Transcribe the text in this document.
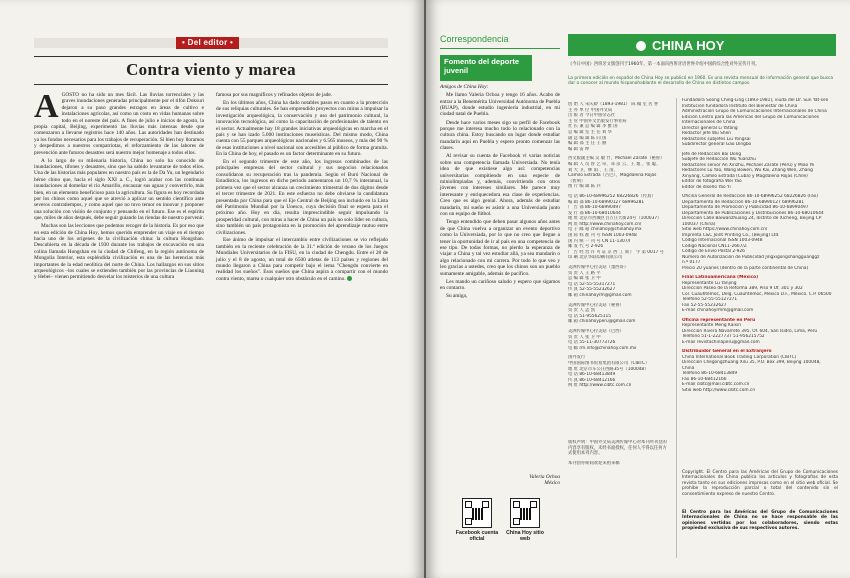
• Del editor •
Contra viento y marea

AGOSTO no ha sido un mes fácil. Las lluvias torrenciales y las graves inundaciones generadas principalmente por el tifón Doksuri dejaron a su paso grandes estragos en áreas de cultivo e instalaciones agrícolas, así como un costo en vidas humanas sobre todo en el noreste del país. A fines de julio e inicios de agosto, la propia capital, Beijing, experimentó las lluvias más intensas desde que comenzaron a llevarse registros hace 140 años. Las autoridades han destinado ya los fondos necesarios para los trabajos de recuperación. Si bien hoy lloramos y despedimos a nuestros compatriotas, el reforzamiento de las labores de prevención ante futuros desastres será nuestro mejor homenaje a todos ellos.

A lo largo de su milenaria historia, China no solo ha conocido de inundaciones, tifones y desastres, sino que ha sabido levantarse de todos ellos. Una de las historias más populares en nuestro país es la de Da Yu, un legendario héroe chino que, hacia el siglo XXI a. C., logró acabar con las continuas inundaciones al domeñar el río Amarillo, encauzar sus aguas y convertirlo, más bien, en un elemento beneficioso para la agricultura. Su figura es hoy recordada por los chinos como aquel que se atrevió a aplicar un sentido científico ante severos contratiempos, y como aquel que no tuvo temor en innovar y proponer una solución con visión de conjunto y pensando en el futuro. Ese es el espíritu que, miles de años después, debe seguir guiando las riendas de nuestro porvenir.

Muchas son las lecciones que podemos recoger de la historia. Es por eso que en esta edición de China Hoy, hemos querido emprender un viaje en el tiempo hacia uno de los orígenes de la civilización china: la cultura Hongshan. Descubierta en la década de 1930 durante los trabajos de excavación en una colina llamada Hongshan en la ciudad de Chifeng, en la región autónoma de Mongolia Interior, esta espléndida civilización es una de las herencias más importantes de la edad neolítica del norte de China. Los hallazgos en sus sitios arqueológicos –los cuales se extienden también por las provincias de Liaoning y Hebei– vienen permitiendo desvelar los misterios de una cultura

famosa por sus magníficos y refinados objetos de jade.

En los últimos años, China ha dado notables pasos en cuanto a la protección de sus reliquias culturales. Se han emprendido proyectos con miras a impulsar la investigación arqueológica, la conservación y uso del patrimonio cultural, la innovación tecnológica, así como la capacitación de profesionales de talento en el sector. Actualmente hay 18 grandes iniciativas arqueológicas en marcha en el país y se han izado 5.000 instituciones museísticas. Del mismo modo, China cuenta con 55 parques arqueológicos nacionales y 6.565 museos, y más del 90 % de esas instituciones a nivel nacional son accesibles al público de forma gratuita. En la China de hoy, el pasado es un factor determinante en su futuro.

En el segundo trimestre de este año, los ingresos combinados de las principales empresas del sector cultural y sus negocios relacionados consolidaron su recuperación tras la pandemia. Según el Buró Nacional de Estadística, los ingresos en dicho periodo aumentaron un 10,7 % interanual, la primera vez que el sector alcanza un crecimiento trimestral de dos dígitos desde el tercer trimestre de 2021. En este esfuerzo no debe obviarse la candidatura presentada por China para que el Eje Central de Beijing sea incluido en la Lista del Patrimonio Mundial por la Unesco, cuya decisión final se espera para el próximo año. Hoy en día, resulta imprescindible seguir impulsando la prosperidad cultural, con miras a hacer de China un país no solo líder en cultura, sino también un país protagonista en la promoción del aprendizaje mutuo entre civilizaciones.

Ese ánimo de impulsar el intercambio entre civilizaciones se vio reflejado también en la reciente celebración de la 31.ª edición de verano de los Juegos Mundiales Universitarios de la FISU, en la ciudad de Chengdu. Entre el 28 de julio y el 8 de agosto, un total de 6500 atletas de 113 países y regiones del mundo llegaron a China para competir bajo el lema "Chengdu convierte en realidad los sueños". Esos sueños que China aspira a compartir con el mundo contra viento, marea o cualquier otro obstáculo en el camino.

Correspondencia
Fomento del deporte juvenil

Amigos de China Hoy:

Me llamo Valeria Ochoa y tengo 16 años. Acabo de entrar a la Benemérita Universidad Autónoma de Puebla (BUAP), donde estudio ingeniería industrial, en mi ciudad natal de Puebla.

Desde hace varios meses sigo su perfil de Facebook porque me interesa mucho todo lo relacionado con la cultura china. Estoy buscando un lugar donde estudiar mandarín aquí en Puebla y espero pronto comenzar las clases.

Al revisar su cuenta de Facebook vi varias noticias sobre una competencia llamada Universiada. No tenía idea de que existiese algo así: competencias universitarias compitiendo en una especie de miniolimpiadas y, además, convirtiendo con otros jóvenes con intereses similares. Me parece muy interesante y enriquecedora esa clase de experiencias. Creo que es algo genial. Ahora, además de estudiar mandarín, mi sueño es asistir a una Universiada junto con un equipo de fútbol.

Tengo entendido que deben pasar algunos años antes de que China vuelva a organizar un evento deportivo como la Universiada, por lo que no creo que llegue a tener la oportunidad de ir al país en una competencia de ese tipo. De todas formas, no pierdo la esperanza de viajar a China y tal vez estudiar allá, ya sea mandarín o algo relacionado con mi carrera. Por todo lo que veo y leo gracias a ustedes, creo que los chinos son un pueblo sumamente amigable, además de pacífico.

Les mando un cariñoso saludo y espero que sigamos en contacto.

Su amiga,

Valeria Ochoa
México
Facebook cuenta oficial
China Hoy sitio web
CHINA HOY
《今日中国》西班牙文版创刊于1960年，第一本面向西班牙语世界介绍中国的综合性对外宣传月刊。
La primera edición en español de China Hoy se publicó en 1960. Es una revista mensual de información general que busca dar a conocer al mundo hispanohablante el desarrollo de China en distintos campos.
创 始 人 宋庆龄（1893-1981） 陈 翰 笙 名 誉
主 办 单 位 中国外文局
出 版 者 今日中国杂志社
主 管 中国外文出版发行事业局
社 长 兼 总 编 辑 李 雅 国
总 编 辑 室 主 任 刘 华
副 总 编 辑 陈 向 国
编 辑 部 主 任 王 丽
编 辑 雷 坤
西文版副主编 吴 敏 竹，Michael Zárate（秘鲁）
编 辑 人 员 曾 艺 卓、邓 彦 云、王 逸 、张 聪、
刘 大 卫、林 雨 、王 清、
Camilo Estrada（古巴）、Magdalena Rojas
（智利）
图 片 编 辑 陈 兵
电 话 86-10-68996252 68226826（传真）
编 辑 部 86-10-68990127 68996281
广 告 部 86-10-68990497
发 行 部 86-10-68010644
地 址 北京市西城区百万庄大街24号（100037）
网 址 http://www.chinahoy.com.cn/
电 子 邮 箱 chinahoy@chinahoy.mx
国 际 标 准 刊 号 ISSN 1003-0948
国 内 统 一 刊 号 CN 11-1307/I
邮 发 代 号 2-926
广 告 经 营 许 可 证 京 西 工 商 广 字 第 0017 号
印 刷 北京华联印刷有限公司
美洲传媒中心拉美站（墨西哥）
负 责 人 王 路 平
总 编 辑 张 卫 中
电 话 52-55-55317271
传 真 52-55-55232627
邮 箱 chinahoyrm@gmail.com
美洲传媒中心拉美站（秘鲁）
负 责 人 孟 凯
电 话 51-955625115
邮 箱 chinahoyperu@gmail.com
美洲传媒中心拉美站（巴西）
负 责 人 张 卫 中
电 话 55-11-30773726
电 邮 rm.info@chinahoy.com.mx
国外发行
中国国际图书贸易集团有限公司（CIBTC）
地 址 北京市车公庄西路35号（100048）
电 话 86-10-68413849
传 真 86-10-68412166
网 址 http://www.cibtc.com.cn
版权声明：中国外文局美洲传媒中心对本刊所刊登的内容享有版权，未经书面授权，任何人不得以任何方式使用本刊内容。
本刊创办期间欢迎来函来稿
Fundadora Soong Ching-Ling (1893-1981), viuda del Dr. Sun Yat-sen
Institución fundadora Instituto del Bienestar de China
Administración Grupo de Comunicaciones Internacionales de China
Edición Centro para las Américas del Grupo de Comunicaciones
Internacionales de China
Director general Li Yafang
Redactor jefe Wu Shen
Redactores subjefes Liu Yongsai
Subdirector general Gao Dingbo
Jefe de Redacción Bai Dong
Subjefe de Redacción Wu Yuanzhu
Redactores senior An Xinzhu, Michael Zárate (Perú) y Miao Ye
Redactores Lu Yao, Wang Bowen, Wu Kai, Zhang Wen, Zhang
Xinyang, Camilo Estrada (Cuba) y Magdalena Rojas (Chile)
Editor de fotografía Wei Yao
Editor de diseño Yao Yi
Oficina General de Redacción 86-10-68996252 68226826 (Fax)
Departamento de Redacción 86-10-68990127 68996281
Departamento de Promoción y Publicidad 86-10-68990497
Departamento de Publicaciones y Distribuciones 86-10-68010644
Dirección Calle Baiwanzhuang 24, distrito de Xicheng, Beijing CP
100037 (China)
Sitio web https://www.chinahoy.com.cn/
Imprenta C&C Joint Printing Co., (Beijing) Ltd.
Código Internacional ISSN 1003-0948
Código Nacional CN11-2667/Z
Código de Envío Postal 2-926
Número de Autorización de Publicidad Jingxigongshangguanggz
n.º 0177
Precio 20 yuanes (dentro de la parte continental de China)
Filial Latinoamericana (México)
Representante Lu Yanjing
Dirección Paseo de la Reforma 389, Piso 9 Of. 301 y 302
Col. Cuauhtémoc, Delg. Cuauhtémoc, México D.F., México. C.P. 06500
Teléfono 52-55-55127271
Fax 52-55-55232627
E-mail chinahoyrmm@gmail.com
Oficina representante en Perú
Representante Meng Kaixin
Dirección Rivera Navarrete 395, Of. 604, San Isidro, Lima, Perú
Teléfono 51-1-2227737 51-956215752
E-mail revistachinaperu@gmail.com
Distribuidor General en el Extranjero
China International Book Trading Corporation (CIBTC)
Dirección Chegongzhuang Xilu 35, P.O. Box 399, Beijing 100048,
China
Teléfono 86-10-68413849
Fax 86-10-68412166
E-mail cibtc@mail.cibtc.com.cn
Sitio web http://www.cibtc.com.cn
Copyright. El Centro para las Américas del Grupo de Comunicaciones Internacionales de China publica los artículos y fotografías de esta revista tanto en sus ediciones impresas como en el sitio web oficial. Se prohíbe la reproducción parcial o total del contenido sin el consentimiento expreso de nuestro Centro.
El Centro para las Américas del Grupo de Comunicaciones Internacionales de China no se hace responsable de las opiniones vertidas por los colaboradores, siendo estas propiedad exclusiva de sus respectivos autores.
